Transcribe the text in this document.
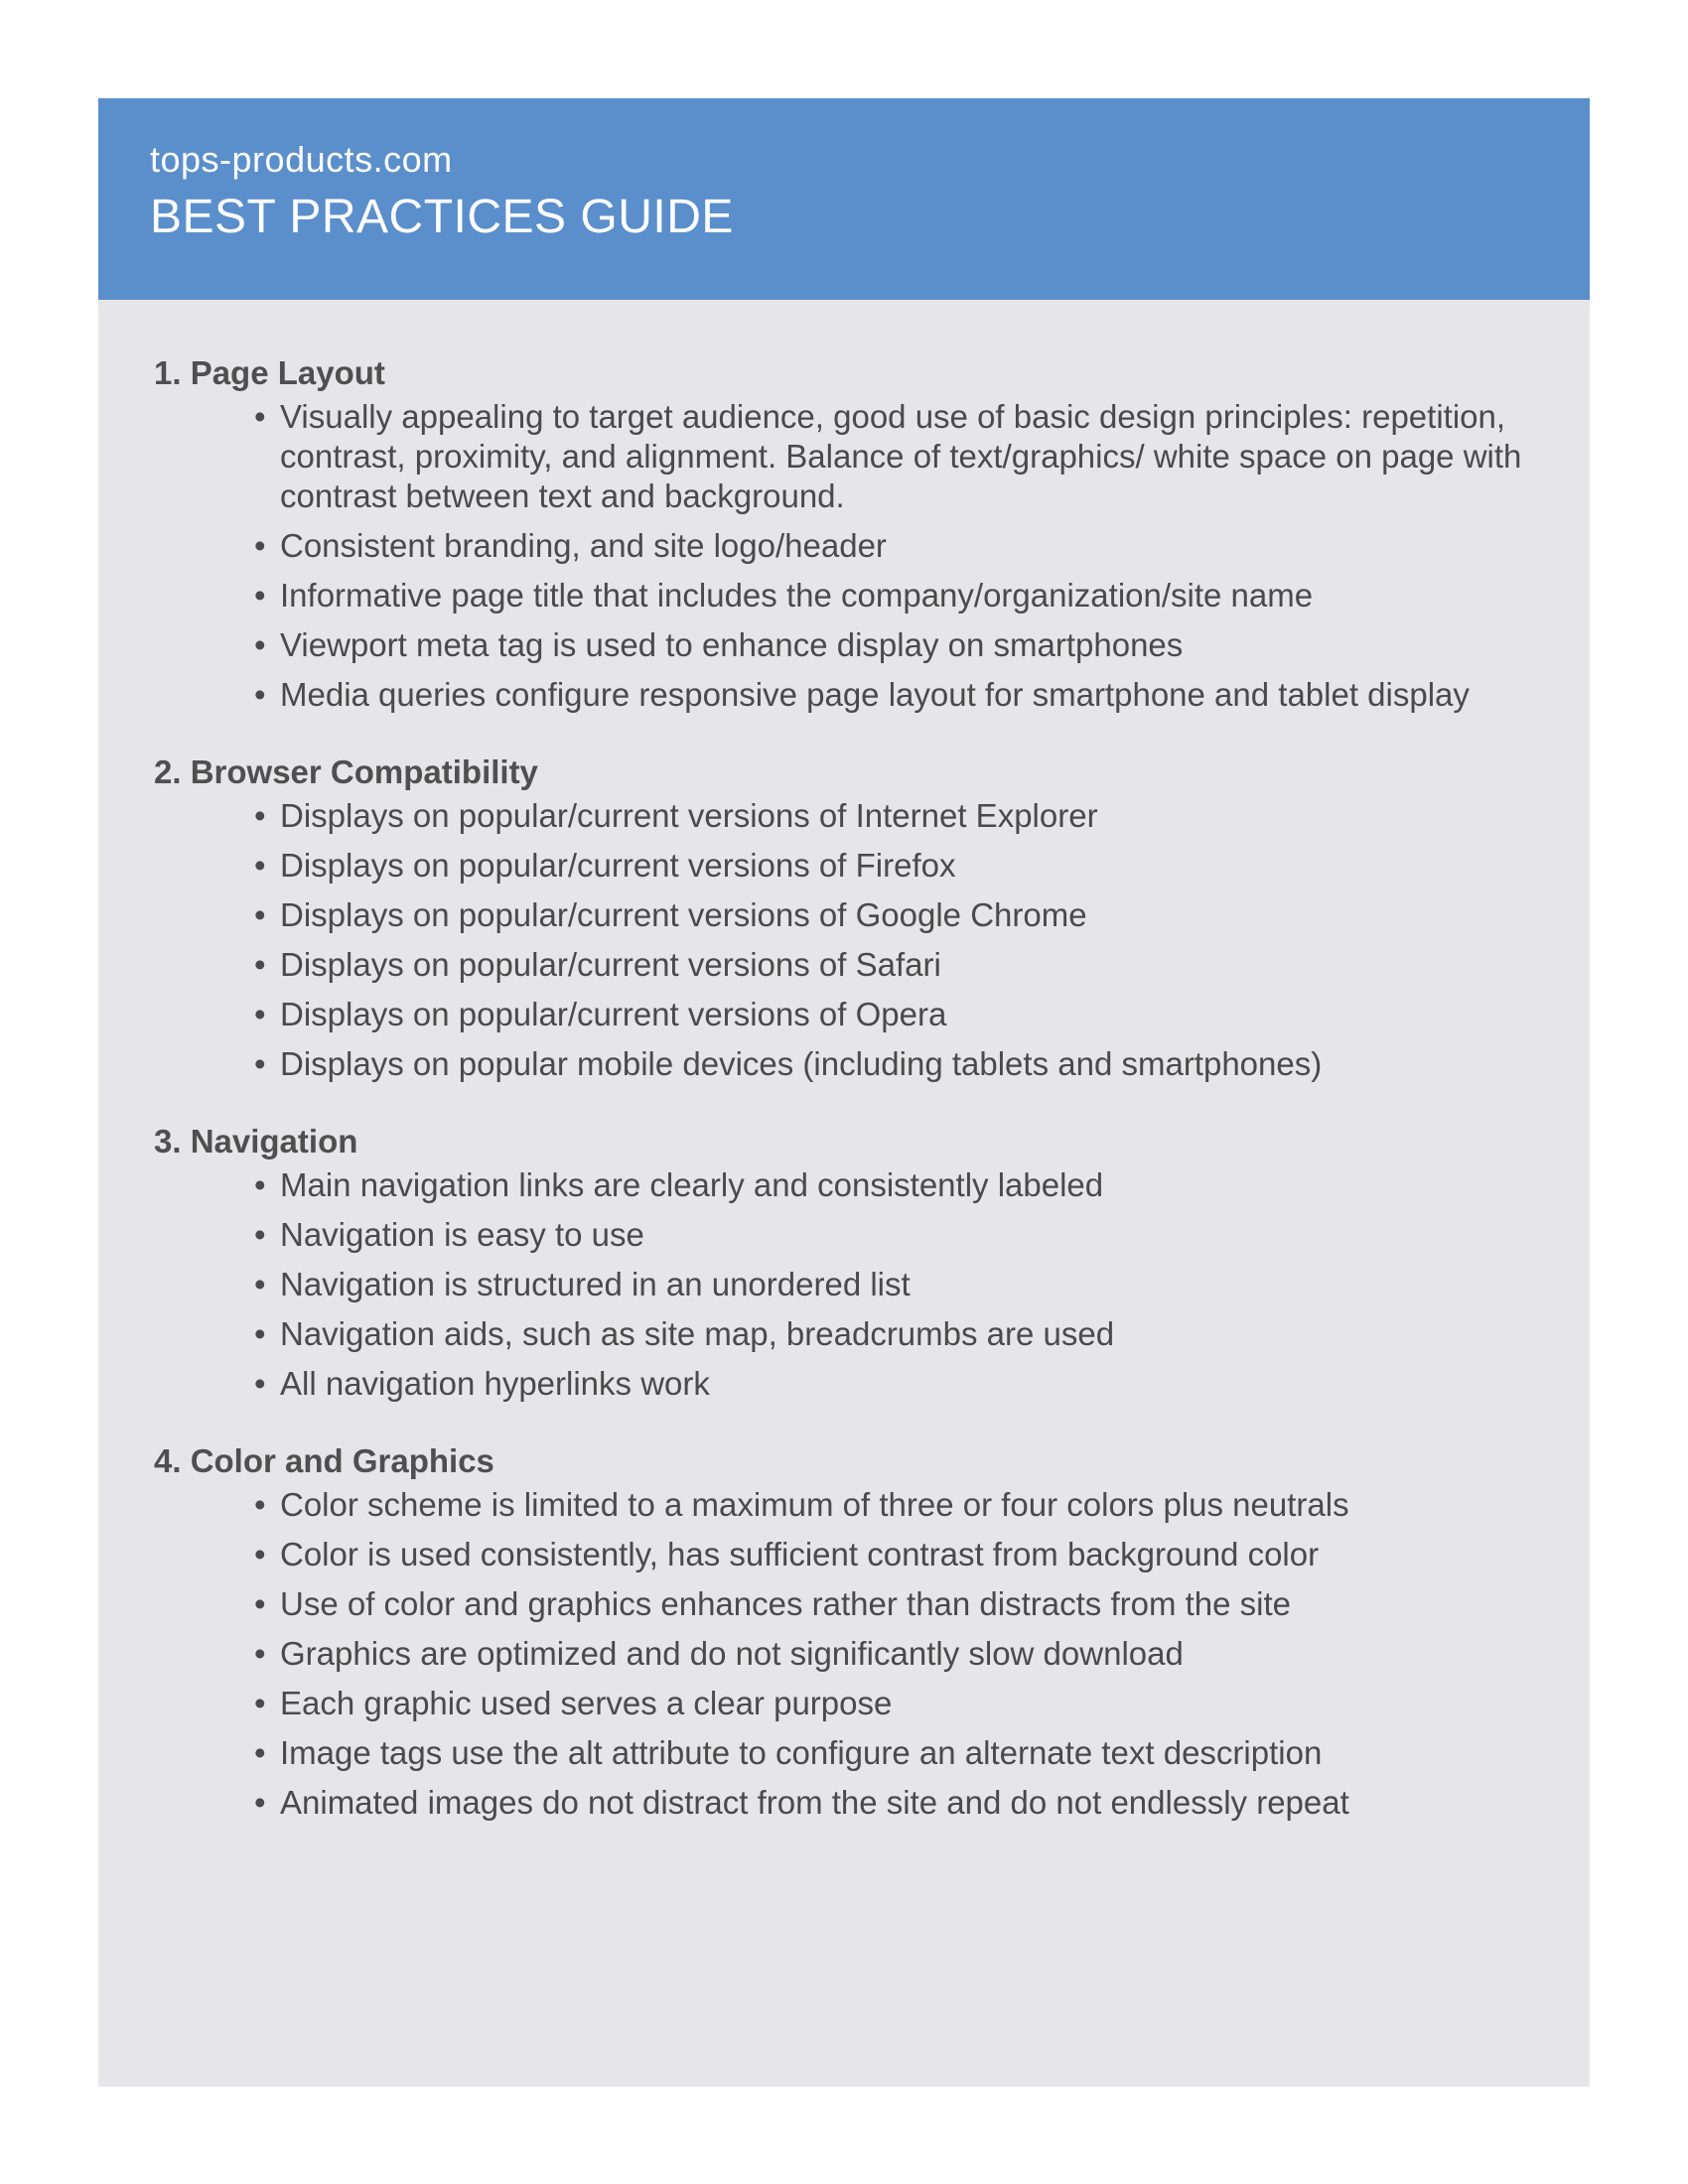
tops-products.com

BEST PRACTICES GUIDE
1. Page Layout
• Visually appealing to target audience, good use of basic design principles: repetition, contrast, proximity, and alignment. Balance of text/graphics/ white space on page with contrast between text and background.
• Consistent branding, and site logo/header
• Informative page title that includes the company/organization/site name
• Viewport meta tag is used to enhance display on smartphones
• Media queries configure responsive page layout for smartphone and tablet display
2. Browser Compatibility
• Displays on popular/current versions of Internet Explorer
• Displays on popular/current versions of Firefox
• Displays on popular/current versions of Google Chrome
• Displays on popular/current versions of Safari
• Displays on popular/current versions of Opera
• Displays on popular mobile devices (including tablets and smartphones)
3. Navigation
• Main navigation links are clearly and consistently labeled
• Navigation is easy to use
• Navigation is structured in an unordered list
• Navigation aids, such as site map, breadcrumbs are used
• All navigation hyperlinks work
4. Color and Graphics
• Color scheme is limited to a maximum of three or four colors plus neutrals
• Color is used consistently, has sufficient contrast from background color
• Use of color and graphics enhances rather than distracts from the site
• Graphics are optimized and do not significantly slow download
• Each graphic used serves a clear purpose
• Image tags use the alt attribute to configure an alternate text description
• Animated images do not distract from the site and do not endlessly repeat
